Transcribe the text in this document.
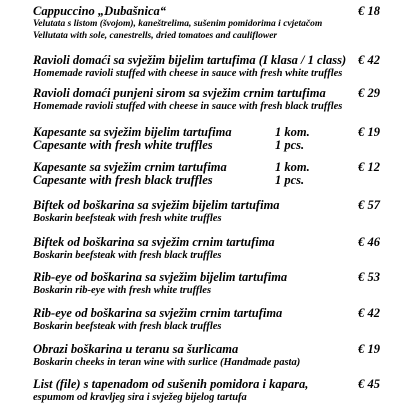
Cappuccino „Dubašnica“	€ 18
Velutata s listom (švojom), kaneštrelima, sušenim pomidorima i cvjetačom
Vellutata with sole, canestrells, dried tomatoes and cauliflower
Ravioli domaći sa svježim bijelim tartufima (I klasa / 1 class) € 42
Homemade ravioli stuffed with cheese in sauce with fresh white truffles
Ravioli domaći punjeni sirom sa svježim crnim tartufima	€ 29
Homemade ravioli stuffed with cheese in sauce with fresh black truffles
Kapesante sa svježim bijelim tartufima	1 kom.	€ 19
Capesante with fresh white truffles	1 pcs.
Kapesante sa svježim crnim tartufima	1 kom.	€ 12
Capesante with fresh black truffles	1 pcs.
Biftek od boškarina sa svježim bijelim tartufima	€ 57
Boskarin beefsteak with fresh white truffles
Biftek od boškarina sa svježim crnim tartufima	€ 46
Boskarin beefsteak with fresh black truffles
Rib-eye od boškarina sa svježim bijelim tartufima	€ 53
Boskarin rib-eye with fresh white truffles
Rib-eye od boškarina sa svježim crnim tartufima	€ 42
Boskarin beefsteak with fresh black truffles
Obrazi boškarina u teranu sa šurlicama	€ 19
Boskarin cheeks in teran wine with surlice (Handmade pasta)
List (file) s tapenadom od sušenih pomidora i kapara,	€ 45
espumom od kravljeg sira i svježeg bijelog tartufa
